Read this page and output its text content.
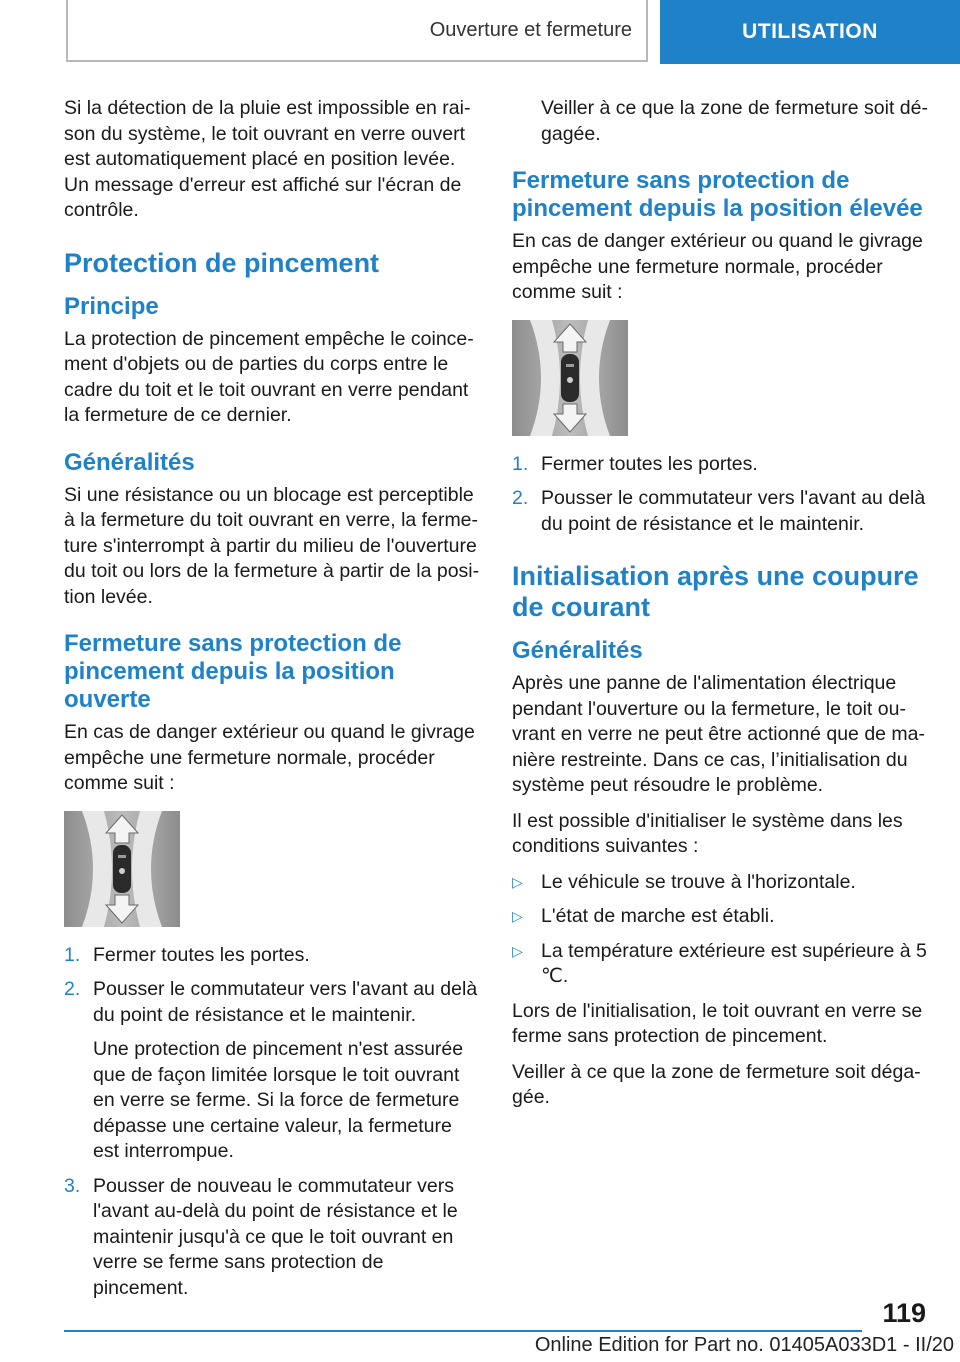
Ouverture et fermeture	UTILISATION

Si la détection de la pluie est impossible en raison du système, le toit ouvrant en verre ouvert est automatiquement placé en position levée. Un message d'erreur est affiché sur l'écran de contrôle.

Protection de pincement
Principe

La protection de pincement empêche le coincement d'objets ou de parties du corps entre le cadre du toit et le toit ouvrant en verre pendant la fermeture de ce dernier.

Généralités

Si une résistance ou un blocage est perceptible à la fermeture du toit ouvrant en verre, la fermeture s'interrompt à partir du milieu de l'ouverture du toit ou lors de la fermeture à partir de la position levée.

Fermeture sans protection de pincement depuis la position ouverte

En cas de danger extérieur ou quand le givrage empêche une fermeture normale, procéder comme suit :

1. Fermer toutes les portes.
2. Pousser le commutateur vers l'avant au delà du point de résistance et le maintenir.
Une protection de pincement n'est assurée que de façon limitée lorsque le toit ouvrant en verre se ferme. Si la force de fermeture dépasse une certaine valeur, la fermeture est interrompue.
3. Pousser de nouveau le commutateur vers l'avant au-delà du point de résistance et le maintenir jusqu'à ce que le toit ouvrant en verre se ferme sans protection de pincement.

Veiller à ce que la zone de fermeture soit dégagée.

Fermeture sans protection de pincement depuis la position élevée

En cas de danger extérieur ou quand le givrage empêche une fermeture normale, procéder comme suit :

1. Fermer toutes les portes.
2. Pousser le commutateur vers l'avant au delà du point de résistance et le maintenir.
Initialisation après une coupure de courant
Généralités

Après une panne de l'alimentation électrique pendant l'ouverture ou la fermeture, le toit ouvrant en verre ne peut être actionné que de manière restreinte. Dans ce cas, l’initialisation du système peut résoudre le problème.

Il est possible d'initialiser le système dans les conditions suivantes :

▷ Le véhicule se trouve à l'horizontale.
▷ L'état de marche est établi.
▷ La température extérieure est supérieure à 5 ℃.

Lors de l'initialisation, le toit ouvrant en verre se ferme sans protection de pincement.

Veiller à ce que la zone de fermeture soit dégagée.

119
Online Edition for Part no. 01405A033D1 - II/20
